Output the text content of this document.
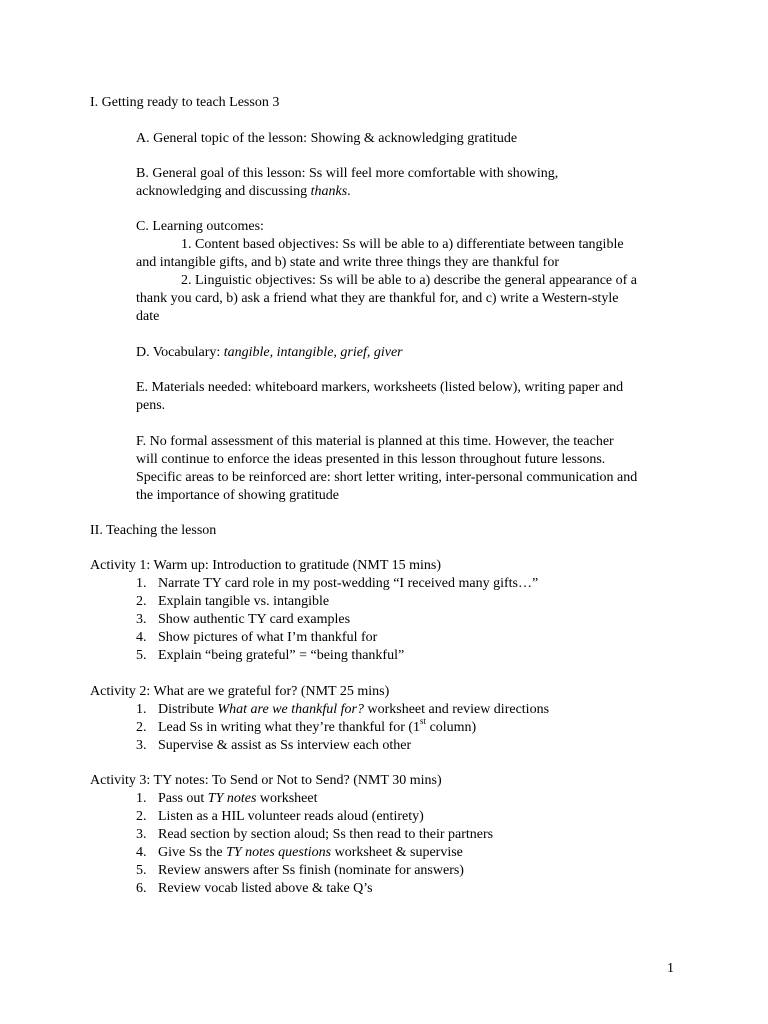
I. Getting ready to teach Lesson 3

A. General topic of the lesson: Showing & acknowledging gratitude

B. General goal of this lesson: Ss will feel more comfortable with showing,
acknowledging and discussing thanks.

C. Learning outcomes:
1. Content based objectives: Ss will be able to a) differentiate between tangible
and intangible gifts, and b) state and write three things they are thankful for
2. Linguistic objectives: Ss will be able to a) describe the general appearance of a
thank you card, b) ask a friend what they are thankful for, and c) write a Western-style
date

D. Vocabulary: tangible, intangible, grief, giver

E. Materials needed: whiteboard markers, worksheets (listed below), writing paper and
pens.

F. No formal assessment of this material is planned at this time. However, the teacher
will continue to enforce the ideas presented in this lesson throughout future lessons.
Specific areas to be reinforced are: short letter writing, inter-personal communication and
the importance of showing gratitude

II. Teaching the lesson

Activity 1: Warm up: Introduction to gratitude (NMT 15 mins)
1 . Narrate TY card role in my post-wedding “I received many gifts…”
2 . Explain tangible vs. intangible
3 . Show authentic TY card examples
4 . Show pictures of what I’m thankful for
5 . Explain “being grateful” = “being thankful”
Activity 2: What are we grateful for? (NMT 25 mins)
1 . Distribute What are we thankful for? worksheet and review directions
2 . Lead Ss in writing what they’re thankful for (1st column)
3 . Supervise & assist as Ss interview each other
Activity 3: TY notes: To Send or Not to Send? (NMT 30 mins)
1 . Pass out TY notes worksheet
2 . Listen as a HIL volunteer reads aloud (entirety)
3 . Read section by section aloud; Ss then read to their partners
4 . Give Ss the TY notes questions worksheet & supervise
5 . Review answers after Ss finish (nominate for answers)
6 . Review vocab listed above & take Q’s
1
